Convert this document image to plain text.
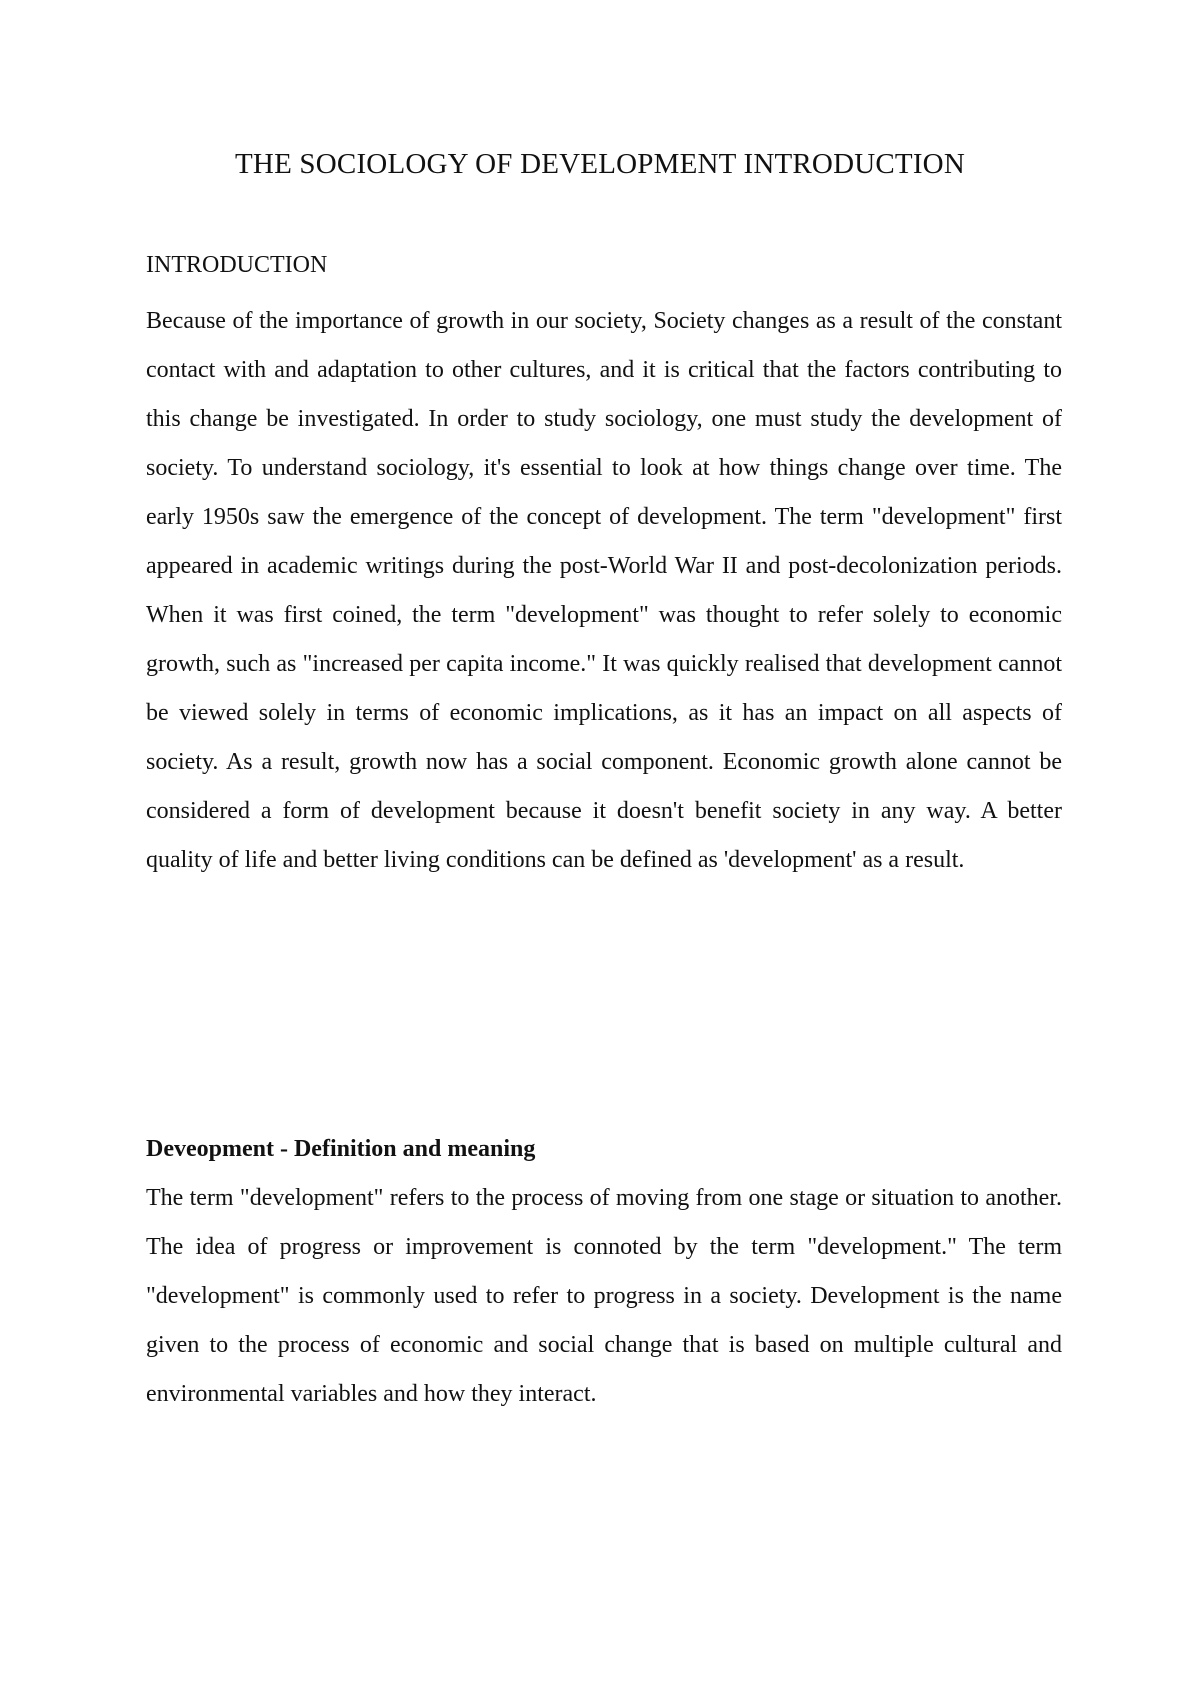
THE SOCIOLOGY OF DEVELOPMENT INTRODUCTION

INTRODUCTION

Because of the importance of growth in our society, Society changes as a result of the constant contact with and adaptation to other cultures, and it is critical that the factors contributing to this change be investigated. In order to study sociology, one must study the development of society. To understand sociology, it's essential to look at how things change over time. The early 1950s saw the emergence of the concept of development. The term "development" first appeared in academic writings during the post-World War II and post-decolonization periods. When it was first coined, the term "development" was thought to refer solely to economic growth, such as "increased per capita income." It was quickly realised that development cannot be viewed solely in terms of economic implications, as it has an impact on all aspects of society. As a result, growth now has a social component. Economic growth alone cannot be considered a form of development because it doesn't benefit society in any way. A better quality of life and better living conditions can be defined as 'development' as a result.

Deveopment - Definition and meaning

The term "development" refers to the process of moving from one stage or situation to another. The idea of progress or improvement is connoted by the term "development." The term "development" is commonly used to refer to progress in a society. Development is the name given to the process of economic and social change that is based on multiple cultural and environmental variables and how they interact.
